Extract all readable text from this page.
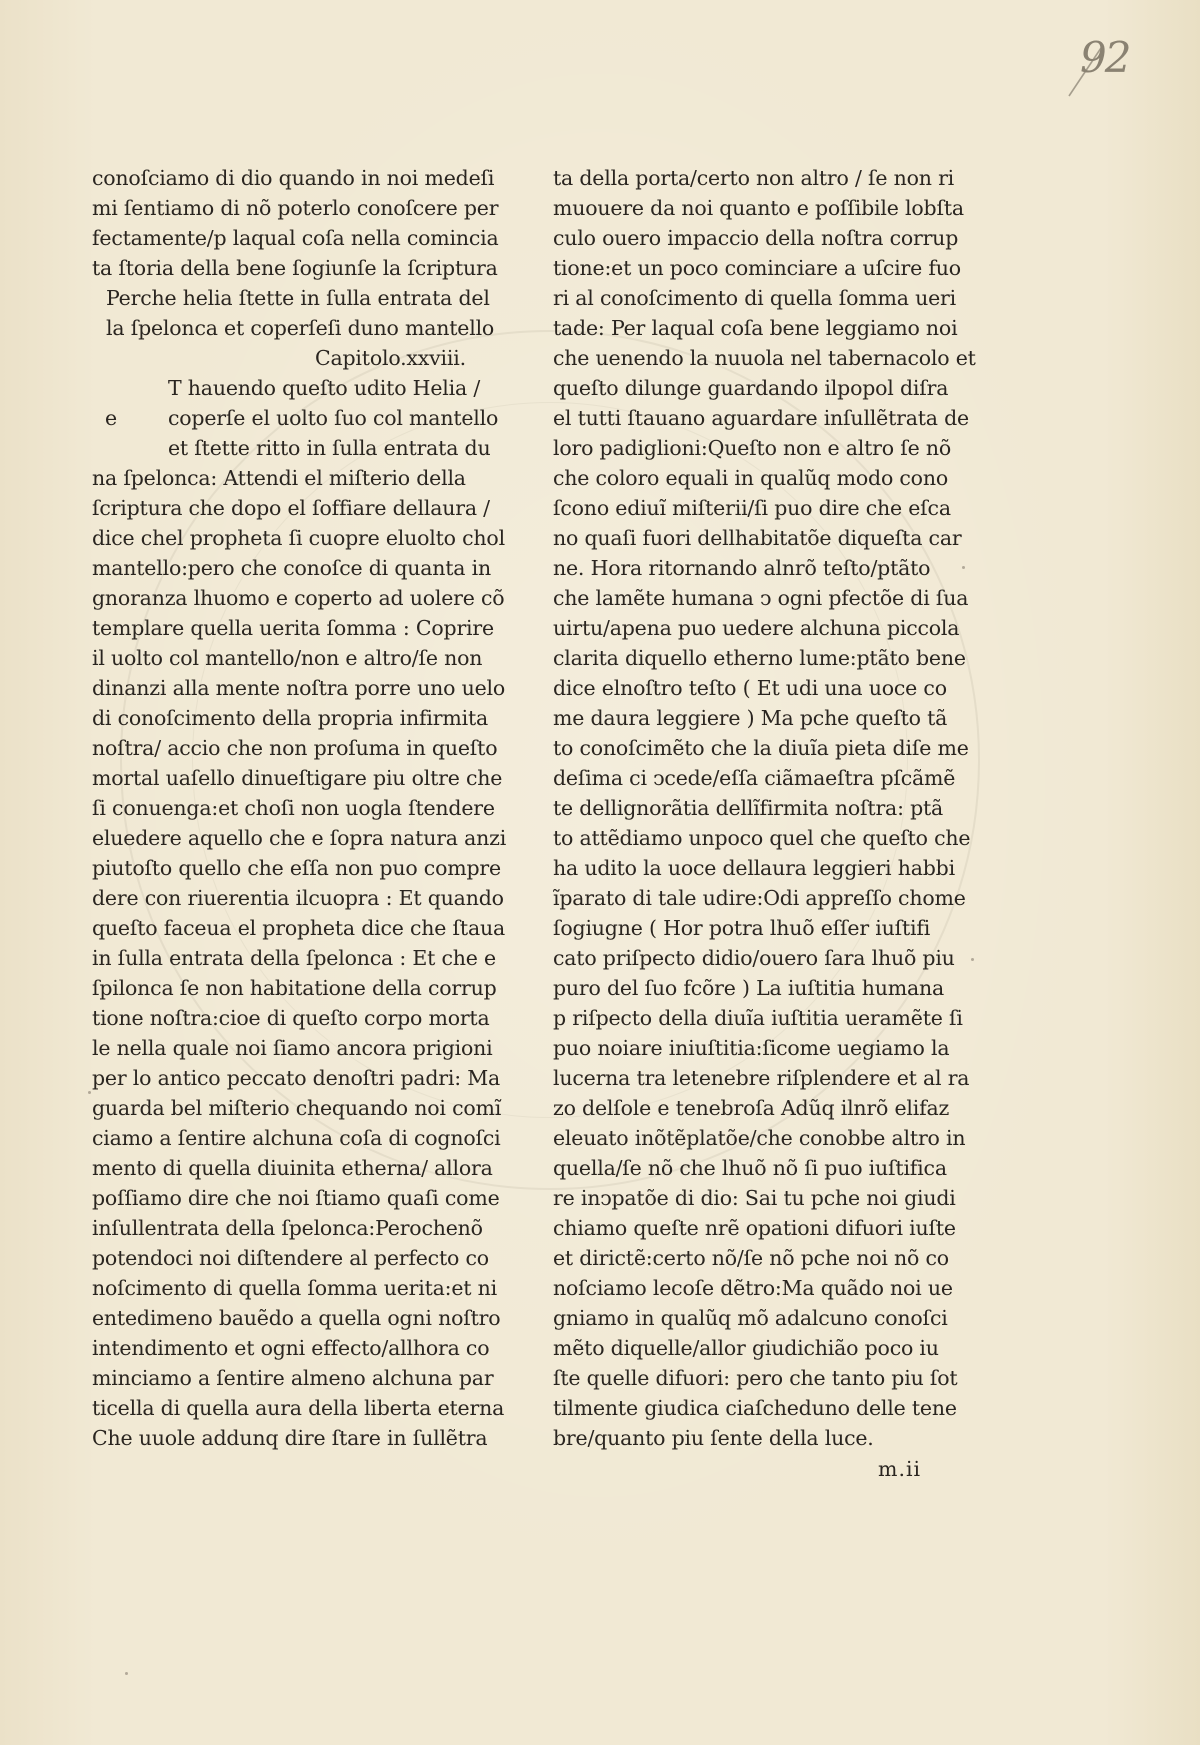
92
conoſciamo di dio quando in noi medeſi
mi ſentiamo di nõ poterlo conoſcere per
fectamente/p laqual coſa nella comincia
ta ſtoria della bene ſogiunſe la ſcriptura
Perche helia ſtette in ſulla entrata del
la ſpelonca et coperſeſi duno mantello
Capitolo.xxviii.
T hauendo queſto udito Helia /
coperſe el uolto ſuo col mantello
e
et ſtette ritto in ſulla entrata du
na ſpelonca: Attendi el miſterio della
ſcriptura che dopo el ſoffiare dellaura /
dice chel propheta ſi cuopre eluolto chol
mantello:pero che conoſce di quanta in
gnoranza lhuomo e coperto ad uolere cõ
templare quella uerita ſomma : Coprire
il uolto col mantello/non e altro/ſe non
dinanzi alla mente noſtra porre uno uelo
di conoſcimento della propria infirmita
noſtra/ accio che non proſuma in queſto
mortal uaſello dinueſtigare piu oltre che
ſi conuenga:et choſi non uogla ſtendere
eluedere aquello che e ſopra natura anzi
piutoſto quello che eſſa non puo compre
dere con riuerentia ilcuopra : Et quando
queſto faceua el propheta dice che ſtaua
in ſulla entrata della ſpelonca : Et che e
ſpilonca ſe non habitatione della corrup
tione noſtra:cioe di queſto corpo morta
le nella quale noi ſiamo ancora prigioni
per lo antico peccato denoſtri padri: Ma
guarda bel miſterio chequando noi comĩ
ciamo a ſentire alchuna coſa di cognoſci
mento di quella diuinita etherna/ allora
poſſiamo dire che noi ſtiamo quaſi come
inſullentrata della ſpelonca:Perochenõ
potendoci noi diſtendere al perfecto co
noſcimento di quella ſomma uerita:et ni
entedimeno bauẽdo a quella ogni noſtro
intendimento et ogni effecto/allhora co
minciamo a ſentire almeno alchuna par
ticella di quella aura della liberta eterna
Che uuole addunq dire ſtare in ſullẽtra
ta della porta/certo non altro / ſe non ri
muouere da noi quanto e poſſibile lobſta
culo ouero impaccio della noſtra corrup
tione:et un poco cominciare a uſcire fuo
ri al conoſcimento di quella ſomma ueri
tade: Per laqual coſa bene leggiamo noi
che uenendo la nuuola nel tabernacolo et
queſto dilunge guardando ilpopol diſra
el tutti ſtauano aguardare inſullẽtrata de
loro padiglioni:Queſto non e altro ſe nõ
che coloro equali in qualũq modo cono
ſcono ediuĩ miſterii/ſi puo dire che eſca
no quaſi fuori dellhabitatõe diqueſta car
ne. Hora ritornando alnrõ teſto/ptãto
che lamẽte humana ↄ ogni pfectõe di ſua
uirtu/apena puo uedere alchuna piccola
clarita diquello etherno lume:ptãto bene
dice elnoſtro teſto ( Et udi una uoce co
me daura leggiere ) Ma pche queſto tã
to conoſcimẽto che la diuĩa pieta diſe me
deſima ci ↄcede/eſſa ciãmaeſtra pſcãmẽ
te dellignorãtia dellĩfirmita noſtra: ptã
to attẽdiamo unpoco quel che queſto che
ha udito la uoce dellaura leggieri habbi
ĩparato di tale udire:Odi appreſſo chome
ſogiugne ( Hor potra lhuõ eſſer iuſtifi
cato priſpecto didio/ouero ſara lhuõ piu
puro del ſuo fcõre ) La iuſtitia humana
p riſpecto della diuĩa iuſtitia ueramẽte ſi
puo noiare iniuſtitia:ſicome uegiamo la
lucerna tra letenebre riſplendere et al ra
zo delſole e tenebroſa Adũq ilnrõ elifaz
eleuato inõtẽplatõe/che conobbe altro in
quella/ſe nõ che lhuõ nõ ſi puo iuſtifica
re inↄpatõe di dio: Sai tu pche noi giudi
chiamo queſte nrẽ opationi difuori iuſte
et dirictẽ:certo nõ/ſe nõ pche noi nõ co
noſciamo lecoſe dẽtro:Ma quãdo noi ue
gniamo in qualũq mõ adalcuno conoſci
mẽto diquelle/allor giudichião poco iu
ſte quelle difuori: pero che tanto piu ſot
tilmente giudica ciaſcheduno delle tene
bre/quanto piu ſente della luce.
m.ii
